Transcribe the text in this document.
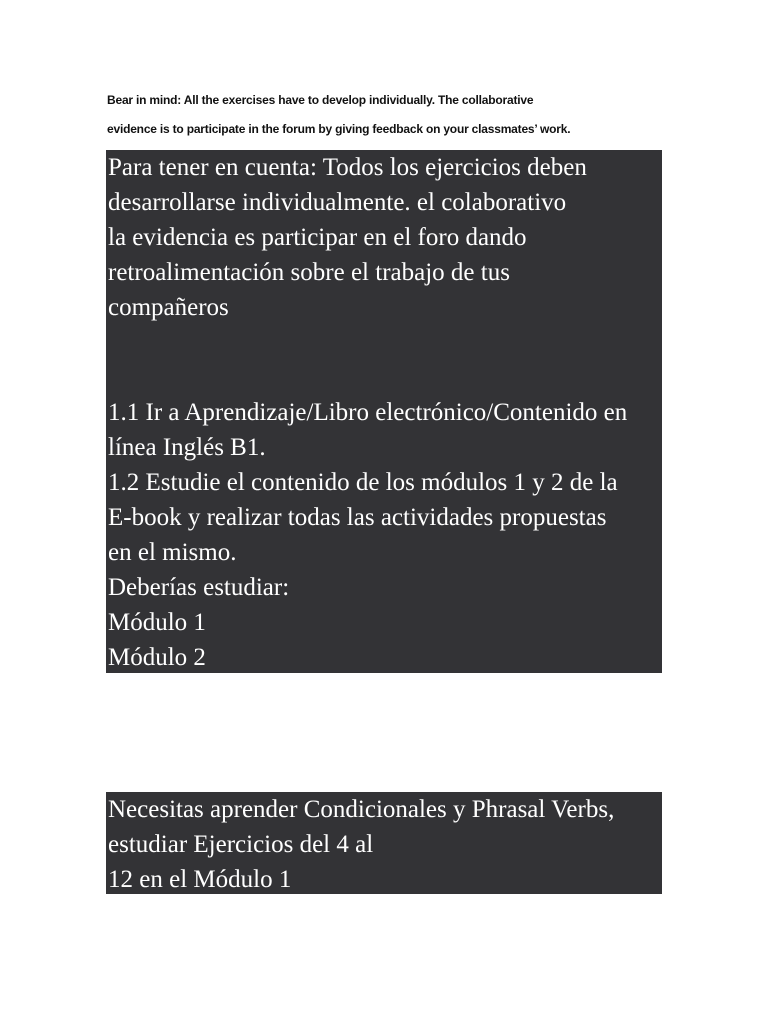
Bear in mind: All the exercises have to develop individually. The collaborative
evidence is to participate in the forum by giving feedback on your classmates’ work.
Para tener en cuenta: Todos los ejercicios deben
desarrollarse individualmente. el colaborativo
la evidencia es participar en el foro dando
retroalimentación sobre el trabajo de tus
compañeros
1.1 Ir a Aprendizaje/Libro electrónico/Contenido en
línea Inglés B1.
1.2 Estudie el contenido de los módulos 1 y 2 de la
E-book y realizar todas las actividades propuestas
en el mismo.
Deberías estudiar:
Módulo 1
Módulo 2
Necesitas aprender Condicionales y Phrasal Verbs,
estudiar Ejercicios del 4 al
12 en el Módulo 1
